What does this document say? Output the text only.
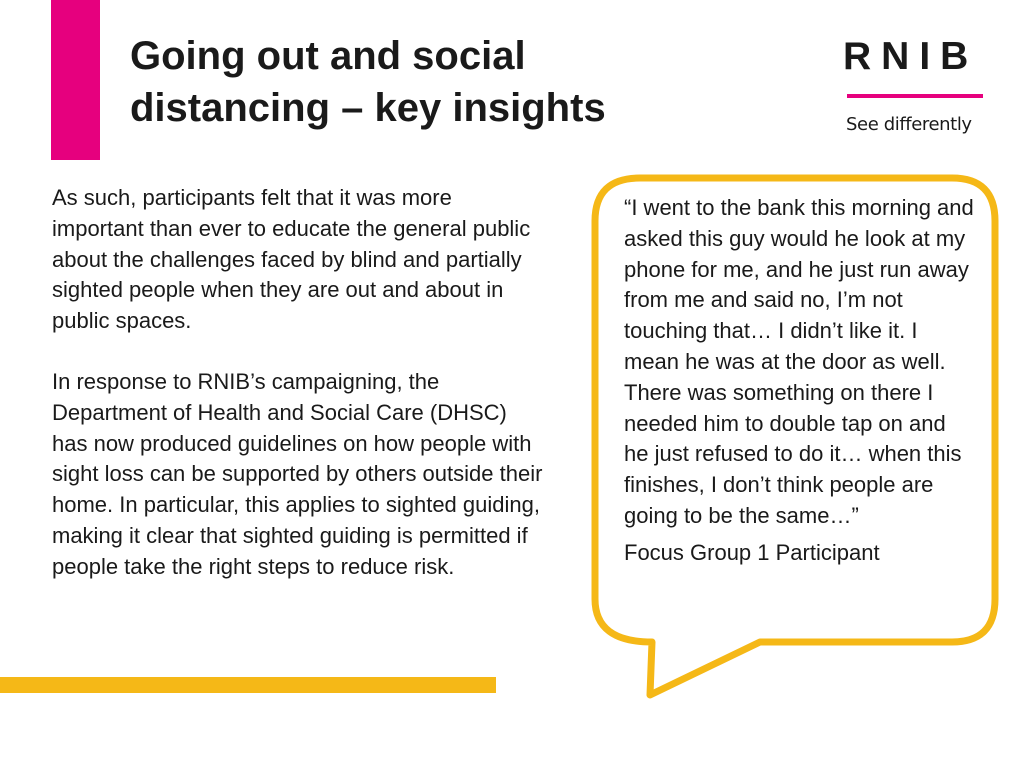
Going out and social
distancing – key insights
RNIB
See differently

As such, participants felt that it was more important than ever to educate the general public about the challenges faced by blind and partially sighted people when they are out and about in public spaces.

In response to RNIB’s campaigning, the Department of Health and Social Care (DHSC) has now produced guidelines on how people with sight loss can be supported by others outside their home. In particular, this applies to sighted guiding, making it clear that sighted guiding is permitted if people take the right steps to reduce risk.

“I went to the bank this morning and asked this guy would he look at my phone for me, and he just run away from me and said no, I’m not touching that… I didn’t like it. I mean he was at the door as well. There was something on there I needed him to double tap on and he just refused to do it… when this finishes, I don’t think people are going to be the same…”

Focus Group 1 Participant
